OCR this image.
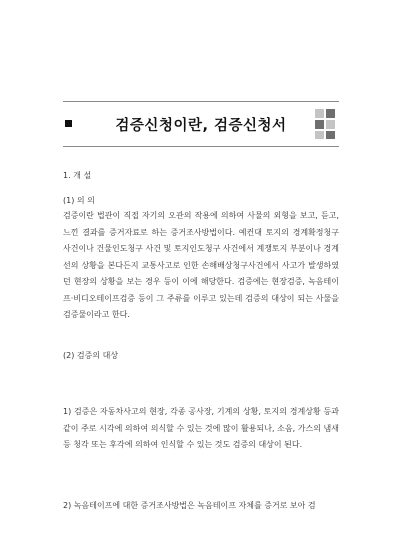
검증신청이란, 검증신청서

1. 개 설

(1) 의 의

검증이란 법관이 직접 자기의 오관의 작용에 의하여 사물의 외형을 보고, 듣고, 느낀 결과를 증거자료로 하는 증거조사방법이다. 예컨대 토지의 경계확정청구 사건이나 건물인도청구 사건 및 토지인도청구 사건에서 계쟁토지 부분이나 경계선의 상황을 본다든지 교통사고로 인한 손해배상청구사건에서 사고가 발생하였던 현장의 상황을 보는 경우 등이 이에 해당한다. 검증에는 현장검증, 녹음테이프·비디오테이프검증 등이 그 주류를 이루고 있는데 검증의 대상이 되는 사물을 검증물이라고 한다.

(2) 검증의 대상

1) 검증은 자동차사고의 현장, 각종 공사장, 기계의 상황, 토지의 경계상황 등과 같이 주로 시각에 의하여 의식할 수 있는 것에 많이 활용되나, 소음, 가스의 냄새 등 청각 또는 후각에 의하여 인식할 수 있는 것도 검증의 대상이 된다.

2) 녹음테이프에 대한 증거조사방법은 녹음테이프 자체를 증거로 보아 검
